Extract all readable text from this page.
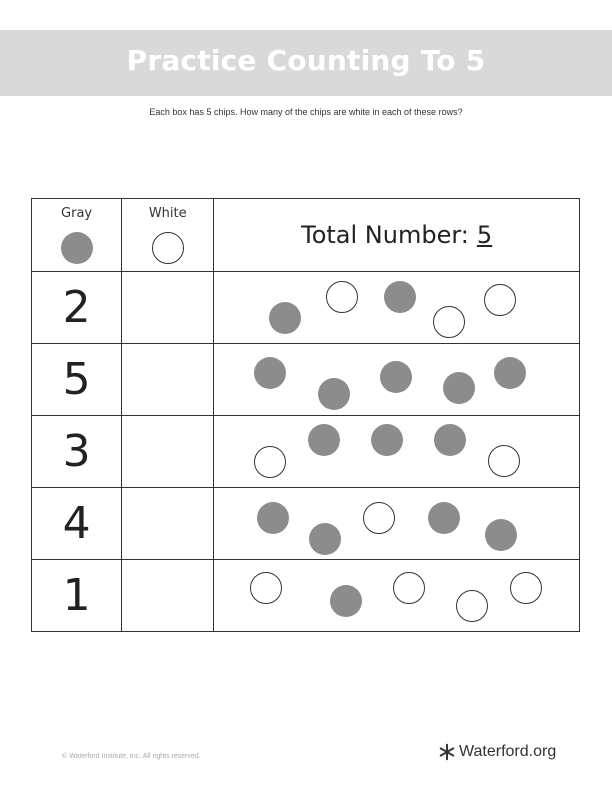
Practice Counting To 5
Each box has 5 chips. How many of the chips are white in each of these rows?
Gray	White	Total Number: 5

2		

5		

3		

4		

1		

© Waterford Institute, Inc. All rights reserved.	Waterford.org
